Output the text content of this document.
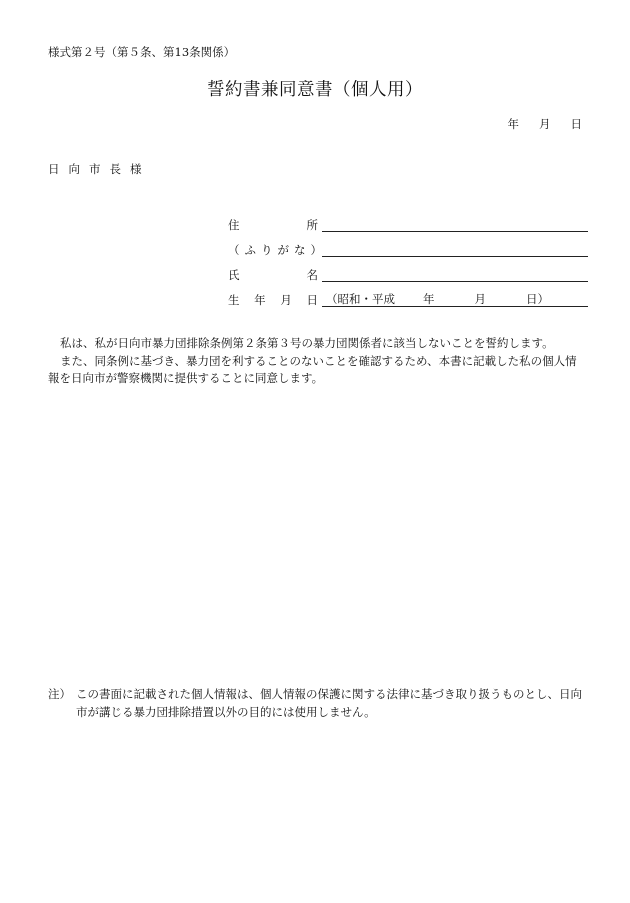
様式第２号（第５条、第13条関係）
誓約書兼同意書（個人用）
年 月 日
日向市長様
住	所
（ふりがな）
氏	名
生 年 月 日 （昭和・平成 年	月	日）

私は、私が日向市暴力団排除条例第２条第３号の暴力団関係者に該当しないことを誓約します。

また、同条例に基づき、暴力団を利することのないことを確認するため、本書に記載した私の個人情報を日向市が警察機関に提供することに同意します。

注） この書面に記載された個人情報は、個人情報の保護に関する法律に基づき取り扱うものとし、日向市が講じる暴力団排除措置以外の目的には使用しません。
